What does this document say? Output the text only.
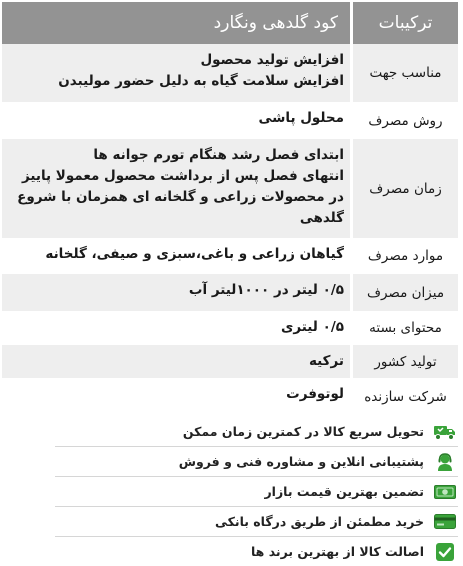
ترکیبات	کود گلدهی ونگارد
مناسب جهت	افزایش تولید محصول
افزایش سلامت گیاه به دلیل حضور مولیبدن

روش مصرف	محلول پاشی

زمان مصرف	ابتدای فصل رشد هنگام تورم جوانه ها
انتهای فصل پس از برداشت محصول معمولا پاییز
در محصولات زراعی و گلخانه ای همزمان با شروع
گلدهی

موارد مصرف	گیاهان زراعی و باغی،سبزی و صیفی، گلخانه

میزان مصرف	۰/۵ لیتر در ۱۰۰۰لیتر آب

محتوای بسته	۰/۵ لیتری

تولید کشور	ترکیه

شرکت سازنده	لوتوفرت
تحویل سریع کالا در کمترین زمان ممکن
پشتیبانی انلاین و مشاوره فنی و فروش
تضمین بهترین قیمت بازار
خرید مطمئن از طریق درگاه بانکی
اصالت کالا از بهترین برند ها
